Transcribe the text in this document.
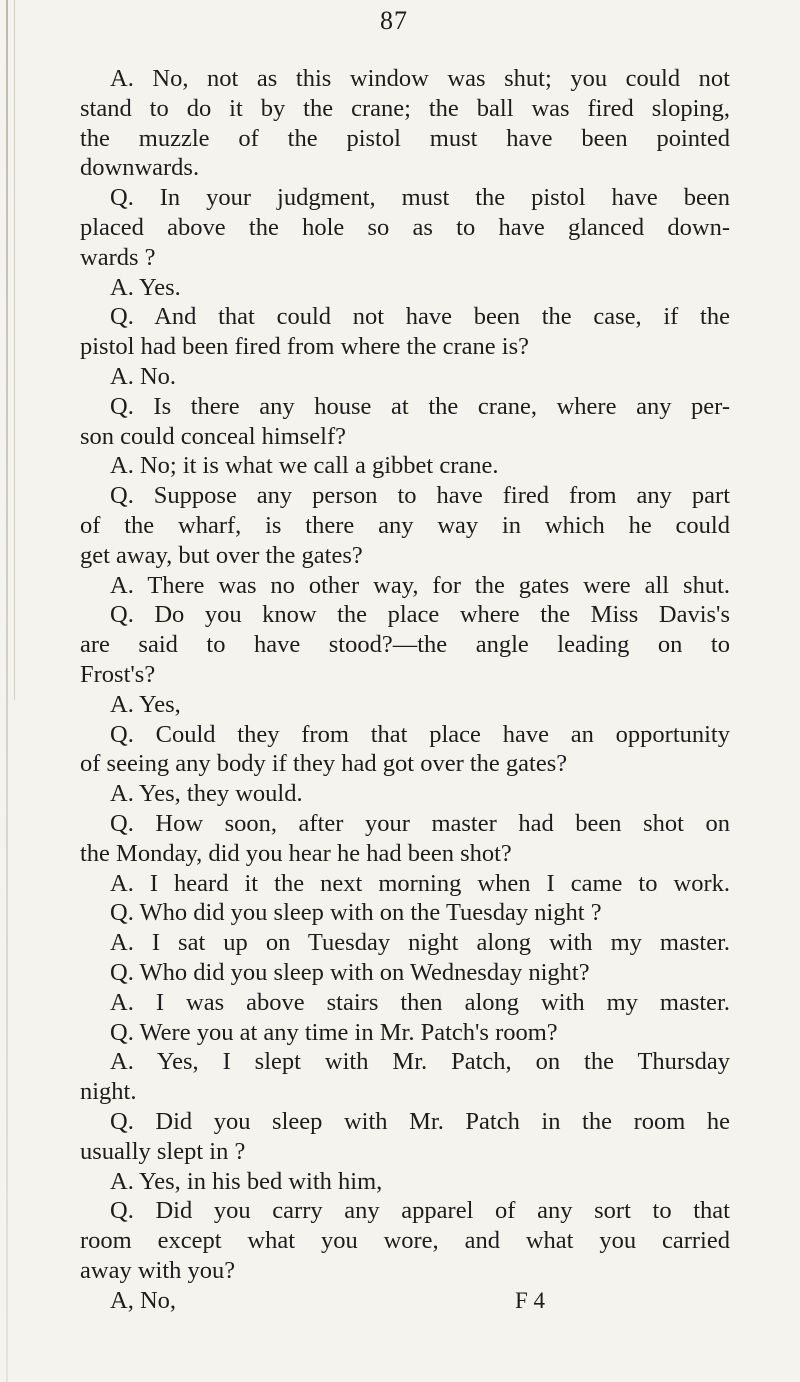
87
A. No, not as this window was shut; you could not
stand to do it by the crane; the ball was fired sloping,
the muzzle of the pistol must have been pointed
downwards.
Q. In your judgment, must the pistol have been
placed above the hole so as to have glanced down-
wards ?
A. Yes.
Q. And that could not have been the case, if the
pistol had been fired from where the crane is?
A. No.
Q. Is there any house at the crane, where any per-
son could conceal himself?
A. No; it is what we call a gibbet crane.
Q. Suppose any person to have fired from any part
of the wharf, is there any way in which he could
get away, but over the gates?
A. There was no other way, for the gates were all shut.
Q. Do you know the place where the Miss Davis's
are said to have stood?—the angle leading on to
Frost's?
A. Yes,
Q. Could they from that place have an opportunity
of seeing any body if they had got over the gates?
A. Yes, they would.
Q. How soon, after your master had been shot on
the Monday, did you hear he had been shot?
A. I heard it the next morning when I came to work.
Q. Who did you sleep with on the Tuesday night ?
A. I sat up on Tuesday night along with my master.
Q. Who did you sleep with on Wednesday night?
A. I was above stairs then along with my master.
Q. Were you at any time in Mr. Patch's room?
A. Yes, I slept with Mr. Patch, on the Thursday
night.
Q. Did you sleep with Mr. Patch in the room he
usually slept in ?
A. Yes, in his bed with him,
Q. Did you carry any apparel of any sort to that
room except what you wore, and what you carried
away with you?
A, No,	F 4
